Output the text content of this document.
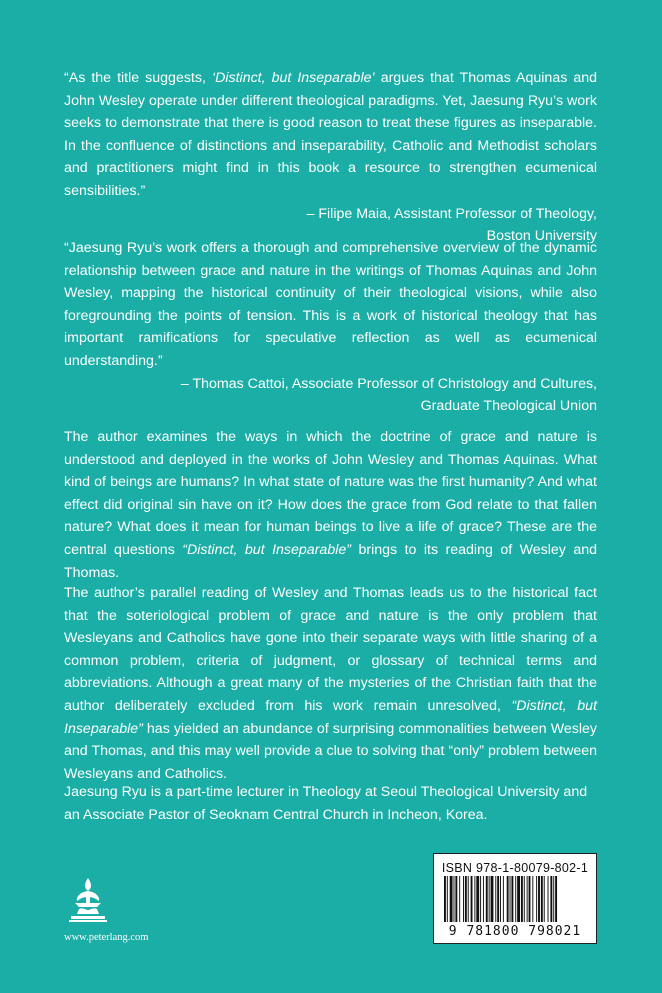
“As the title suggests, ‘Distinct, but Inseparable’ argues that Thomas Aquinas and John Wesley operate under different theological paradigms. Yet, Jaesung Ryu’s work seeks to demonstrate that there is good reason to treat these figures as inseparable. In the confluence of distinctions and inseparability, Catholic and Methodist scholars and practitioners might find in this book a resource to strengthen ecumenical sensibilities.”

– Filipe Maia, Assistant Professor of Theology,
Boston University

“Jaesung Ryu’s work offers a thorough and comprehensive overview of the dynamic relationship between grace and nature in the writings of Thomas Aquinas and John Wesley, mapping the historical continuity of their theological visions, while also foregrounding the points of tension. This is a work of historical theology that has important ramifications for speculative reflection as well as ecumenical understanding.”

– Thomas Cattoi, Associate Professor of Christology and Cultures,
Graduate Theological Union

The author examines the ways in which the doctrine of grace and nature is understood and deployed in the works of John Wesley and Thomas Aquinas. What kind of beings are humans? In what state of nature was the first humanity? And what effect did original sin have on it? How does the grace from God relate to that fallen nature? What does it mean for human beings to live a life of grace? These are the central questions “Distinct, but Inseparable” brings to its reading of Wesley and Thomas.

The author’s parallel reading of Wesley and Thomas leads us to the historical fact that the soteriological problem of grace and nature is the only problem that Wesleyans and Catholics have gone into their separate ways with little sharing of a common problem, criteria of judgment, or glossary of technical terms and abbreviations. Although a great many of the mysteries of the Christian faith that the author deliberately excluded from his work remain unresolved, “Distinct, but Inseparable” has yielded an abundance of surprising commonalities between Wesley and Thomas, and this may well provide a clue to solving that “only” problem between Wesleyans and Catholics.

Jaesung Ryu is a part-time lecturer in Theology at Seoul Theological University and an Associate Pastor of Seoknam Central Church in Incheon, Korea.

www.peterlang.com
ISBN 978-1-80079-802-1
9 781800 798021
